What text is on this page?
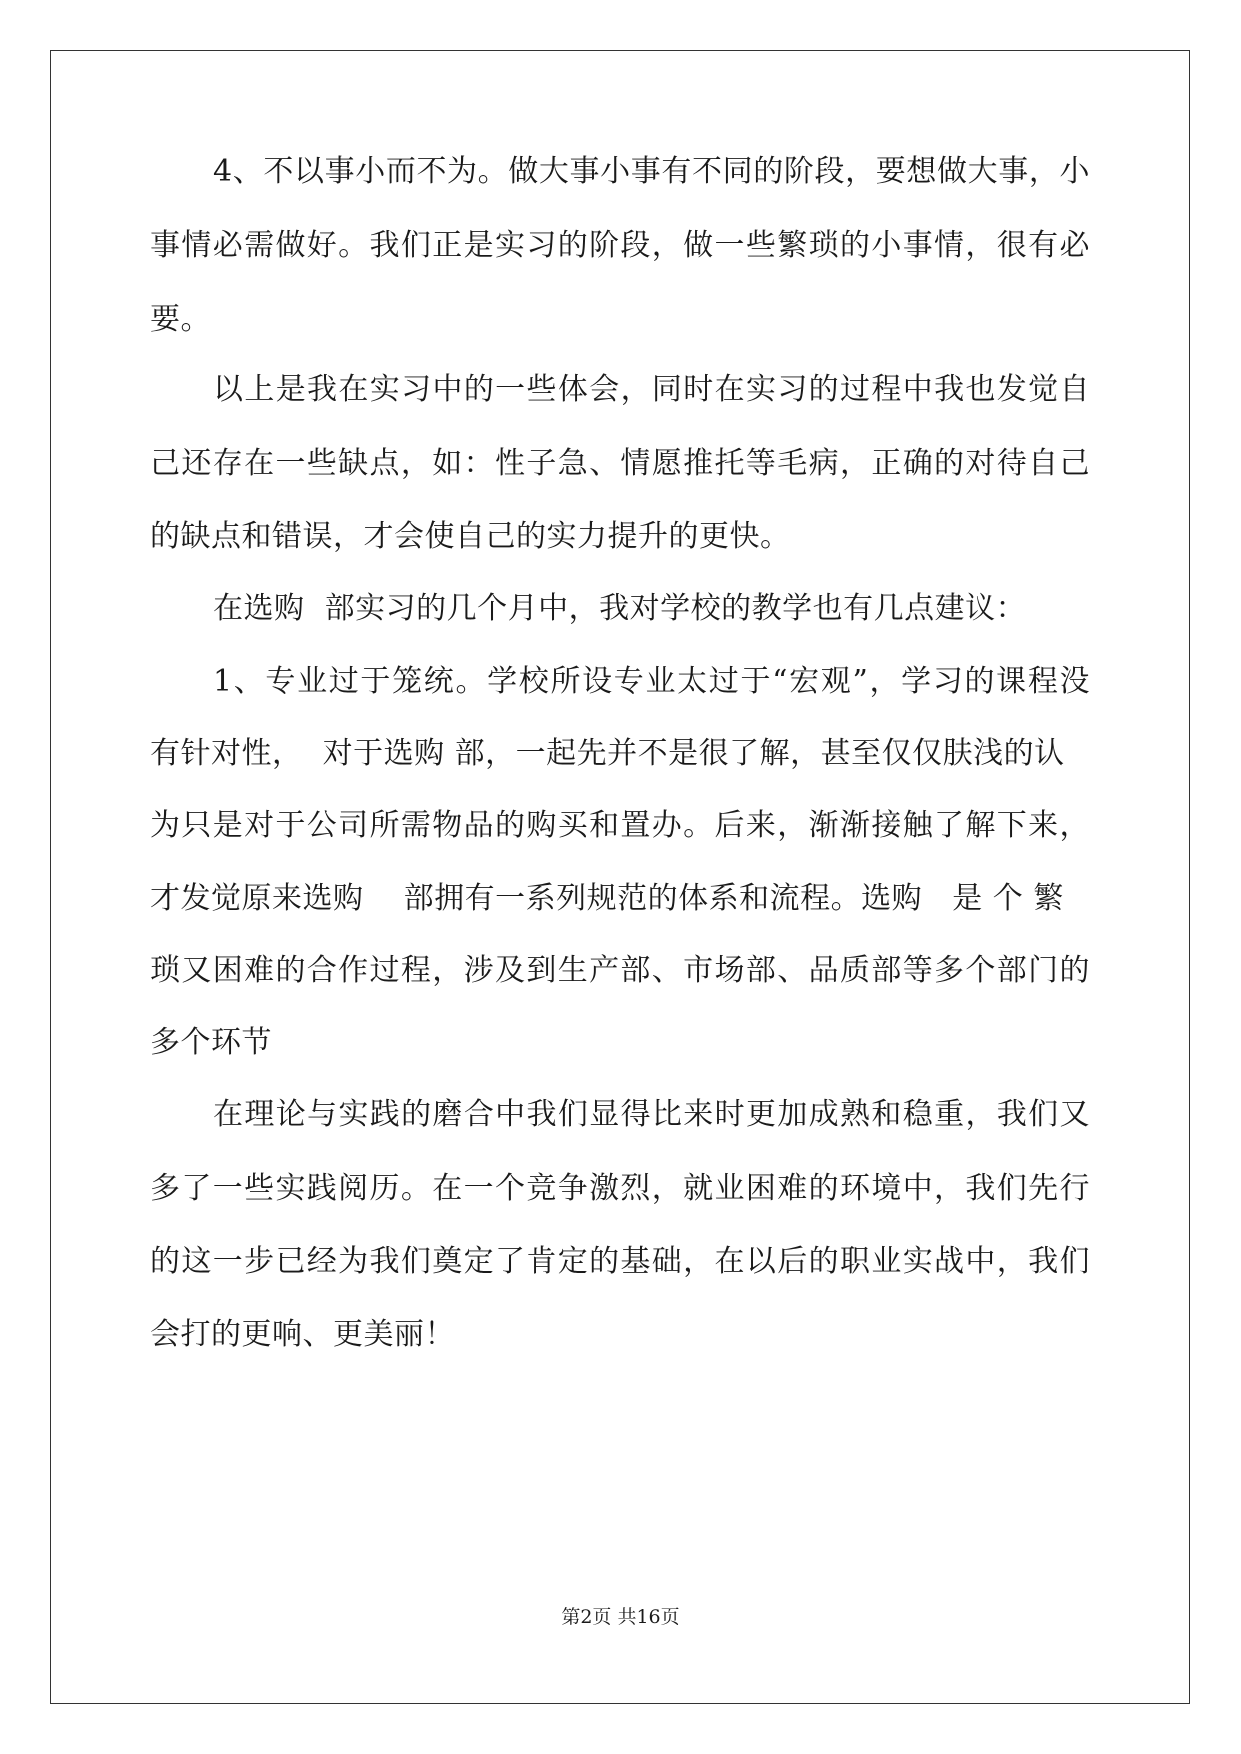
4、不以事小而不为。做大事小事有不同的阶段，要想做大事，小
事情必需做好。我们正是实习的阶段，做一些繁琐的小事情，很有必
要。
以上是我在实习中的一些体会，同时在实习的过程中我也发觉自
己还存在一些缺点，如：性子急、情愿推托等毛病，正确的对待自己
的缺点和错误，才会使自己的实力提升的更快。
在选购  部实习的几个月中，我对学校的教学也有几点建议：
1、专业过于笼统。学校所设专业太过于“宏观”，学习的课程没
有针对性，  对于选购 部，一起先并不是很了解，甚至仅仅肤浅的认
为只是对于公司所需物品的购买和置办。后来，渐渐接触了解下来，
才发觉原来选购    部拥有一系列规范的体系和流程。选购   是 个 繁
琐又困难的合作过程，涉及到生产部、市场部、品质部等多个部门的
多个环节
在理论与实践的磨合中我们显得比来时更加成熟和稳重，我们又
多了一些实践阅历。在一个竞争激烈，就业困难的环境中，我们先行
的这一步已经为我们奠定了肯定的基础，在以后的职业实战中，我们
会打的更响、更美丽！
第2页 共16页
